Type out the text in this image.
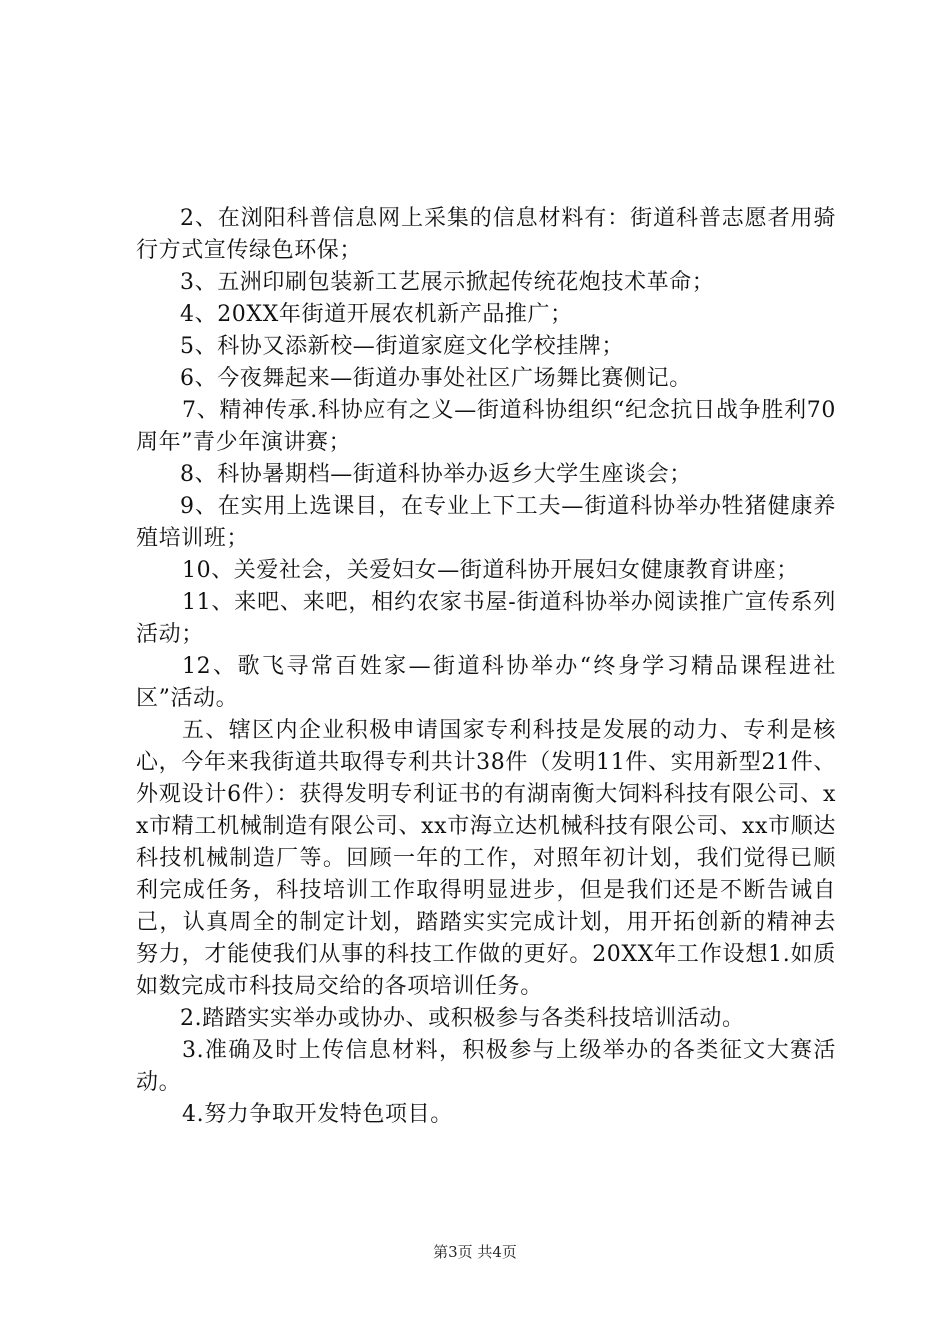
2、在浏阳科普信息网上采集的信息材料有：街道科普志愿者用骑行方式宣传绿色环保；

3、五洲印刷包装新工艺展示掀起传统花炮技术革命；

4、20XX年街道开展农机新产品推广；

5、科协又添新校—街道家庭文化学校挂牌；

6、今夜舞起来—街道办事处社区广场舞比赛侧记。

7、精神传承.科协应有之义—街道科协组织“纪念抗日战争胜利70周年”青少年演讲赛；

8、科协暑期档—街道科协举办返乡大学生座谈会；

9、在实用上选课目，在专业上下工夫—街道科协举办牲猪健康养殖培训班；

10、关爱社会，关爱妇女—街道科协开展妇女健康教育讲座；

11、来吧、来吧，相约农家书屋-街道科协举办阅读推广宣传系列活动；

12、歌飞寻常百姓家—街道科协举办“终身学习精品课程进社区”活动。

五、辖区内企业积极申请国家专利科技是发展的动力、专利是核心，今年来我街道共取得专利共计38件（发明11件、实用新型21件、外观设计6件）：获得发明专利证书的有湖南衡大饲料科技有限公司、xx市精工机械制造有限公司、xx市海立达机械科技有限公司、xx市顺达科技机械制造厂等。回顾一年的工作，对照年初计划，我们觉得已顺利完成任务，科技培训工作取得明显进步，但是我们还是不断告诫自己，认真周全的制定计划，踏踏实实完成计划，用开拓创新的精神去努力，才能使我们从事的科技工作做的更好。20XX年工作设想1.如质如数完成市科技局交给的各项培训任务。

2.踏踏实实举办或协办、或积极参与各类科技培训活动。

3.准确及时上传信息材料，积极参与上级举办的各类征文大赛活动。

4.努力争取开发特色项目。

第3页 共4页
